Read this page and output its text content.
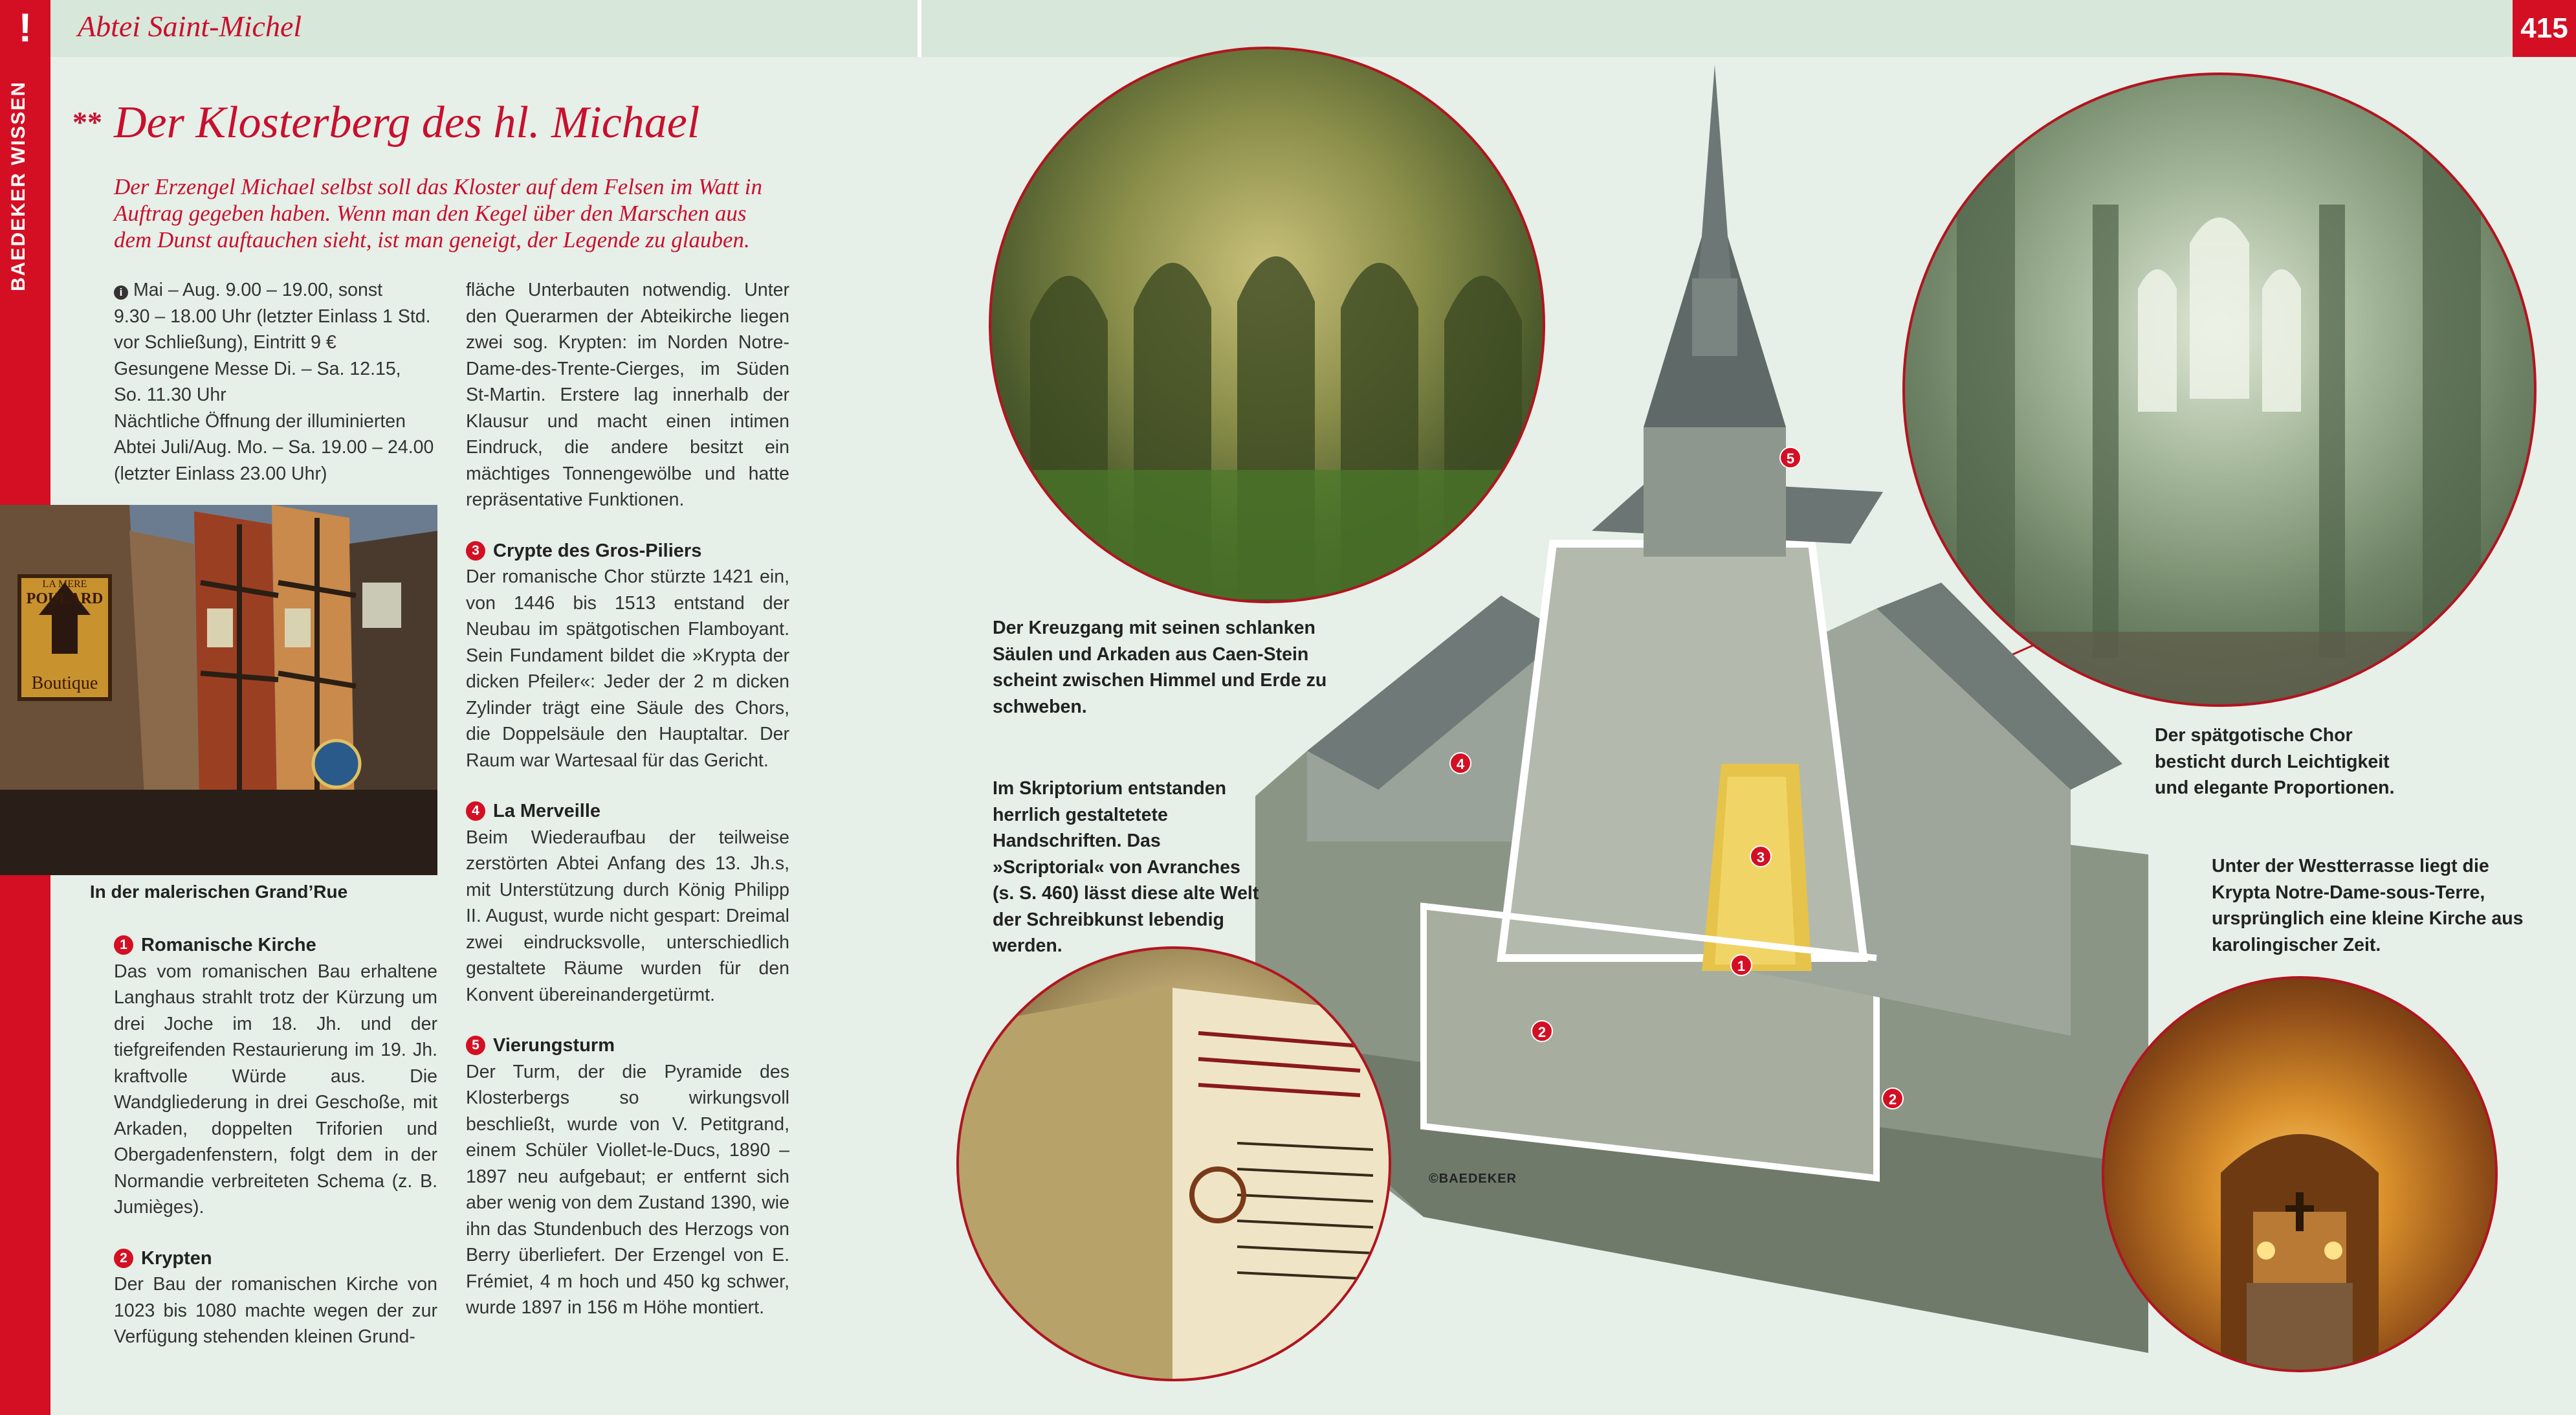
Abtei Saint-Michel	415
!
BAEDEKER WISSEN ** Der Klosterberg des hl. Michael

Der Erzengel Michael selbst soll das Kloster auf dem Felsen im Watt in Auftrag gegeben haben. Wenn man den Kegel über den Marschen aus dem Dunst auftauchen sieht, ist man geneigt, der Legende zu glauben.

i Mai – Aug. 9.00 – 19.00, sonst

9.30 – 18.00 Uhr (letzter Einlass 1 Std.

vor Schließung), Eintritt 9 €

Gesungene Messe Di. – Sa. 12.15,

So. 11.30 Uhr

Nächtliche Öffnung der illuminierten

Abtei Juli/Aug. Mo. – Sa. 19.00 – 24.00

(letzter Einlass 23.00 Uhr)

LA MERE
POULARD
Boutique
In der malerischen Grand’Rue
1 Romanische Kirche

Das vom romanischen Bau erhaltene Langhaus strahlt trotz der Kürzung um drei Joche im 18. Jh. und der tiefgreifenden Restaurierung im 19. Jh. kraftvolle Würde aus. Die Wandgliederung in drei Geschoße, mit Arkaden, doppelten Triforien und Obergadenfenstern, folgt dem in der Normandie verbreiteten Schema (z. B. Jumièges).

2 Krypten

Der Bau der romanischen Kirche von 1023 bis 1080 machte wegen der zur Verfügung stehenden kleinen Grund-

fläche Unterbauten notwendig. Unter den Querarmen der Abteikirche liegen zwei sog. Krypten: im Norden Notre-Dame-des-Trente-Cierges, im Süden St-Martin. Erstere lag innerhalb der Klausur und macht einen intimen Eindruck, die andere besitzt ein mächtiges Tonnengewölbe und hatte repräsentative Funktionen.

3 Crypte des Gros-Piliers

Der romanische Chor stürzte 1421 ein, von 1446 bis 1513 entstand der Neubau im spätgotischen Flamboyant. Sein Fundament bildet die »Krypta der dicken Pfeiler«: Jeder der 2 m dicken Zylinder trägt eine Säule des Chors, die Doppelsäule den Hauptaltar. Der Raum war Wartesaal für das Gericht.

4 La Merveille

Beim Wiederaufbau der teilweise zerstörten Abtei Anfang des 13. Jh.s, mit Unterstützung durch König Philipp II. August, wurde nicht gespart: Dreimal zwei eindrucksvolle, unterschiedlich gestaltete Räume wurden für den Konvent übereinandergetürmt.

5 Vierungsturm

Der Turm, der die Pyramide des Klosterbergs so wirkungsvoll beschließt, wurde von V. Petitgrand, einem Schüler Viollet-le-Ducs, 1890 – 1897 neu aufgebaut; er entfernt sich aber wenig von dem Zustand 1390, wie ihn das Stundenbuch des Herzogs von Berry überliefert. Der Erzengel von E. Frémiet, 4 m hoch und 450 kg schwer, wurde 1897 in 156 m Höhe montiert.

5
4
3
1
2
2
©BAEDEKER
Der Kreuzgang mit seinen schlanken Säulen und Arkaden aus Caen-Stein scheint zwischen Himmel und Erde zu schweben.
Im Skriptorium entstanden herrlich gestaltetete Handschriften. Das »Scriptorial« von Avranches (s. S. 460) lässt diese alte Welt der Schreibkunst lebendig werden.
Der spätgotische Chor besticht durch Leichtigkeit und elegante Proportionen.
Unter der Westterrasse liegt die Krypta Notre-Dame-sous-Terre, ursprünglich eine kleine Kirche aus karolingischer Zeit.
